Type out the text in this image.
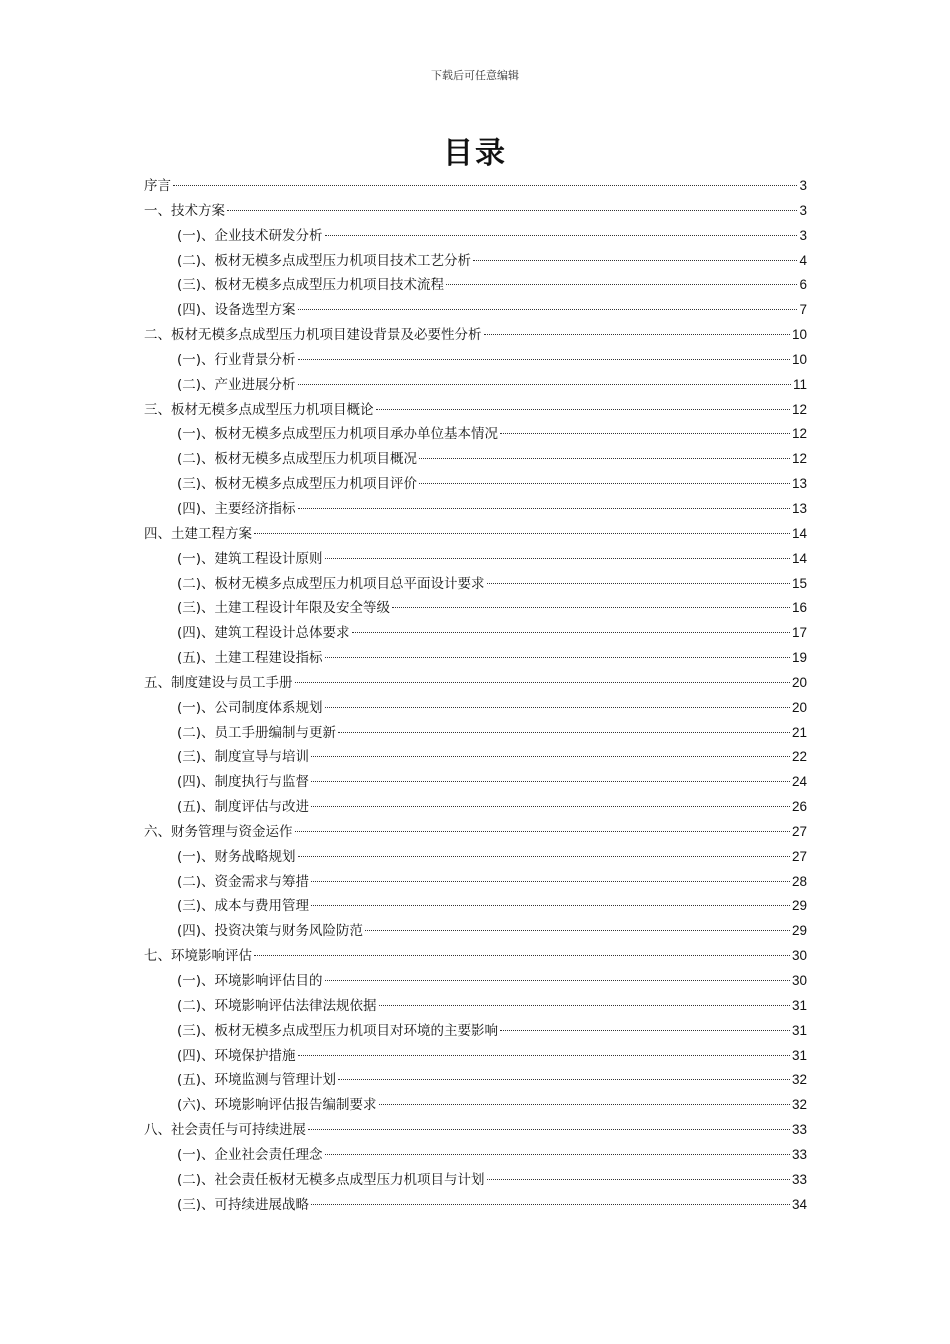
下载后可任意编辑
目录
序言	3
一、技术方案	3
(一)、企业技术研发分析	3
(二)、板材无模多点成型压力机项目技术工艺分析	4
(三)、板材无模多点成型压力机项目技术流程	6
(四)、设备选型方案	7
二、板材无模多点成型压力机项目建设背景及必要性分析	10
(一)、行业背景分析	10
(二)、产业进展分析	11
三、板材无模多点成型压力机项目概论	12
(一)、板材无模多点成型压力机项目承办单位基本情况	12
(二)、板材无模多点成型压力机项目概况	12
(三)、板材无模多点成型压力机项目评价	13
(四)、主要经济指标	13
四、土建工程方案	14
(一)、建筑工程设计原则	14
(二)、板材无模多点成型压力机项目总平面设计要求	15
(三)、土建工程设计年限及安全等级	16
(四)、建筑工程设计总体要求	17
(五)、土建工程建设指标	19
五、制度建设与员工手册	20
(一)、公司制度体系规划	20
(二)、员工手册编制与更新	21
(三)、制度宣导与培训	22
(四)、制度执行与监督	24
(五)、制度评估与改进	26
六、财务管理与资金运作	27
(一)、财务战略规划	27
(二)、资金需求与筹措	28
(三)、成本与费用管理	29
(四)、投资决策与财务风险防范	29
七、环境影响评估	30
(一)、环境影响评估目的	30
(二)、环境影响评估法律法规依据	31
(三)、板材无模多点成型压力机项目对环境的主要影响	31
(四)、环境保护措施	31
(五)、环境监测与管理计划	32
(六)、环境影响评估报告编制要求	32
八、社会责任与可持续进展	33
(一)、企业社会责任理念	33
(二)、社会责任板材无模多点成型压力机项目与计划	33
(三)、可持续进展战略	34
